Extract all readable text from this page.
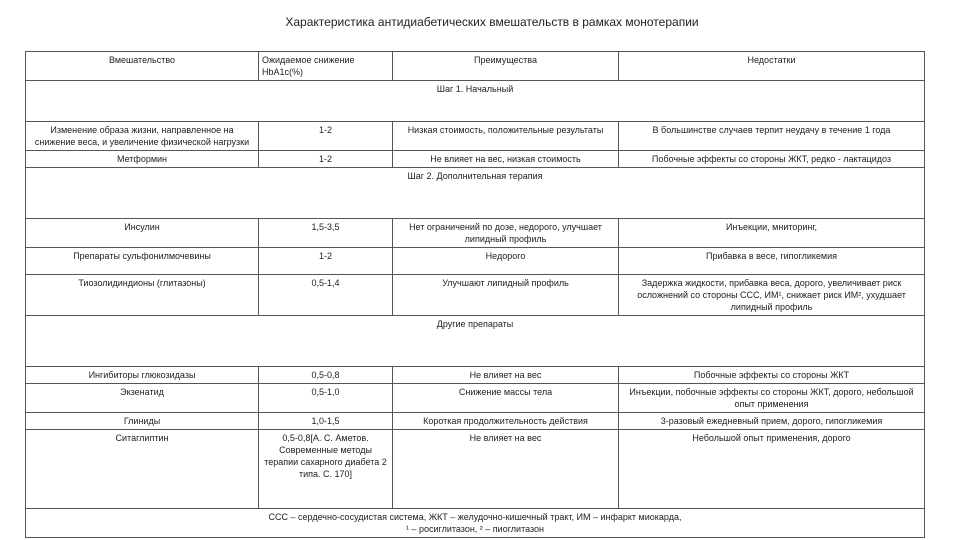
Характеристика антидиабетических вмешательств в рамках монотерапии
Вмешательство	Ожидаемое снижение HbA1c(%)	Преимущества	Недостатки
Шаг 1. Начальный			
Изменение образа жизни, направленное на снижение веса, и увеличение физической нагрузки	1-2	Низкая стоимость, положительные результаты	В большинстве случаев терпит неудачу в течение 1 года
Метформин	1-2	Не влияет на вес, низкая стоимость	Побочные эффекты со стороны ЖКТ, редко - лактацидоз
Шаг 2. Дополнительная терапия			
Инсулин	1,5-3,5	Нет ограничений по дозе, недорого, улучшает липидный профиль	Инъекции, мниторинг,
Препараты сульфонилмочевины	1-2	Недорого	Прибавка в весе, гипогликемия
Тиозолидиндионы (глитазоны)	0,5-1,4	Улучшают липидный профиль	Задержка жидкости, прибавка веса, дорого, увеличивает риск осложнений со стороны ССС, ИМ¹, снижает риск ИМ², ухудшает липидный профиль
Другие препараты			
Ингибиторы глюкозидазы	0,5-0,8	Не влияет на вес	Побочные эффекты со стороны ЖКТ
Экзенатид	0,5-1,0	Снижение массы тела	Инъекции, побочные эффекты со стороны ЖКТ, дорого, небольшой опыт применения
Глиниды	1,0-1,5	Короткая продолжительность действия	3-разовый ежедневный прием, дорого, гипогликемия
Ситаглиптин	0,5-0,8[А. С. Аметов. Современные методы терапии сахарного диабета 2 типа. С. 170]	Не влияет на вес	Небольшой опыт применения, дорого

ССС – сердечно-сосудистая система, ЖКТ – желудочно-кишечный тракт, ИМ – инфаркт миокарда,
¹ – росиглитазон, ² – пиоглитазон			
